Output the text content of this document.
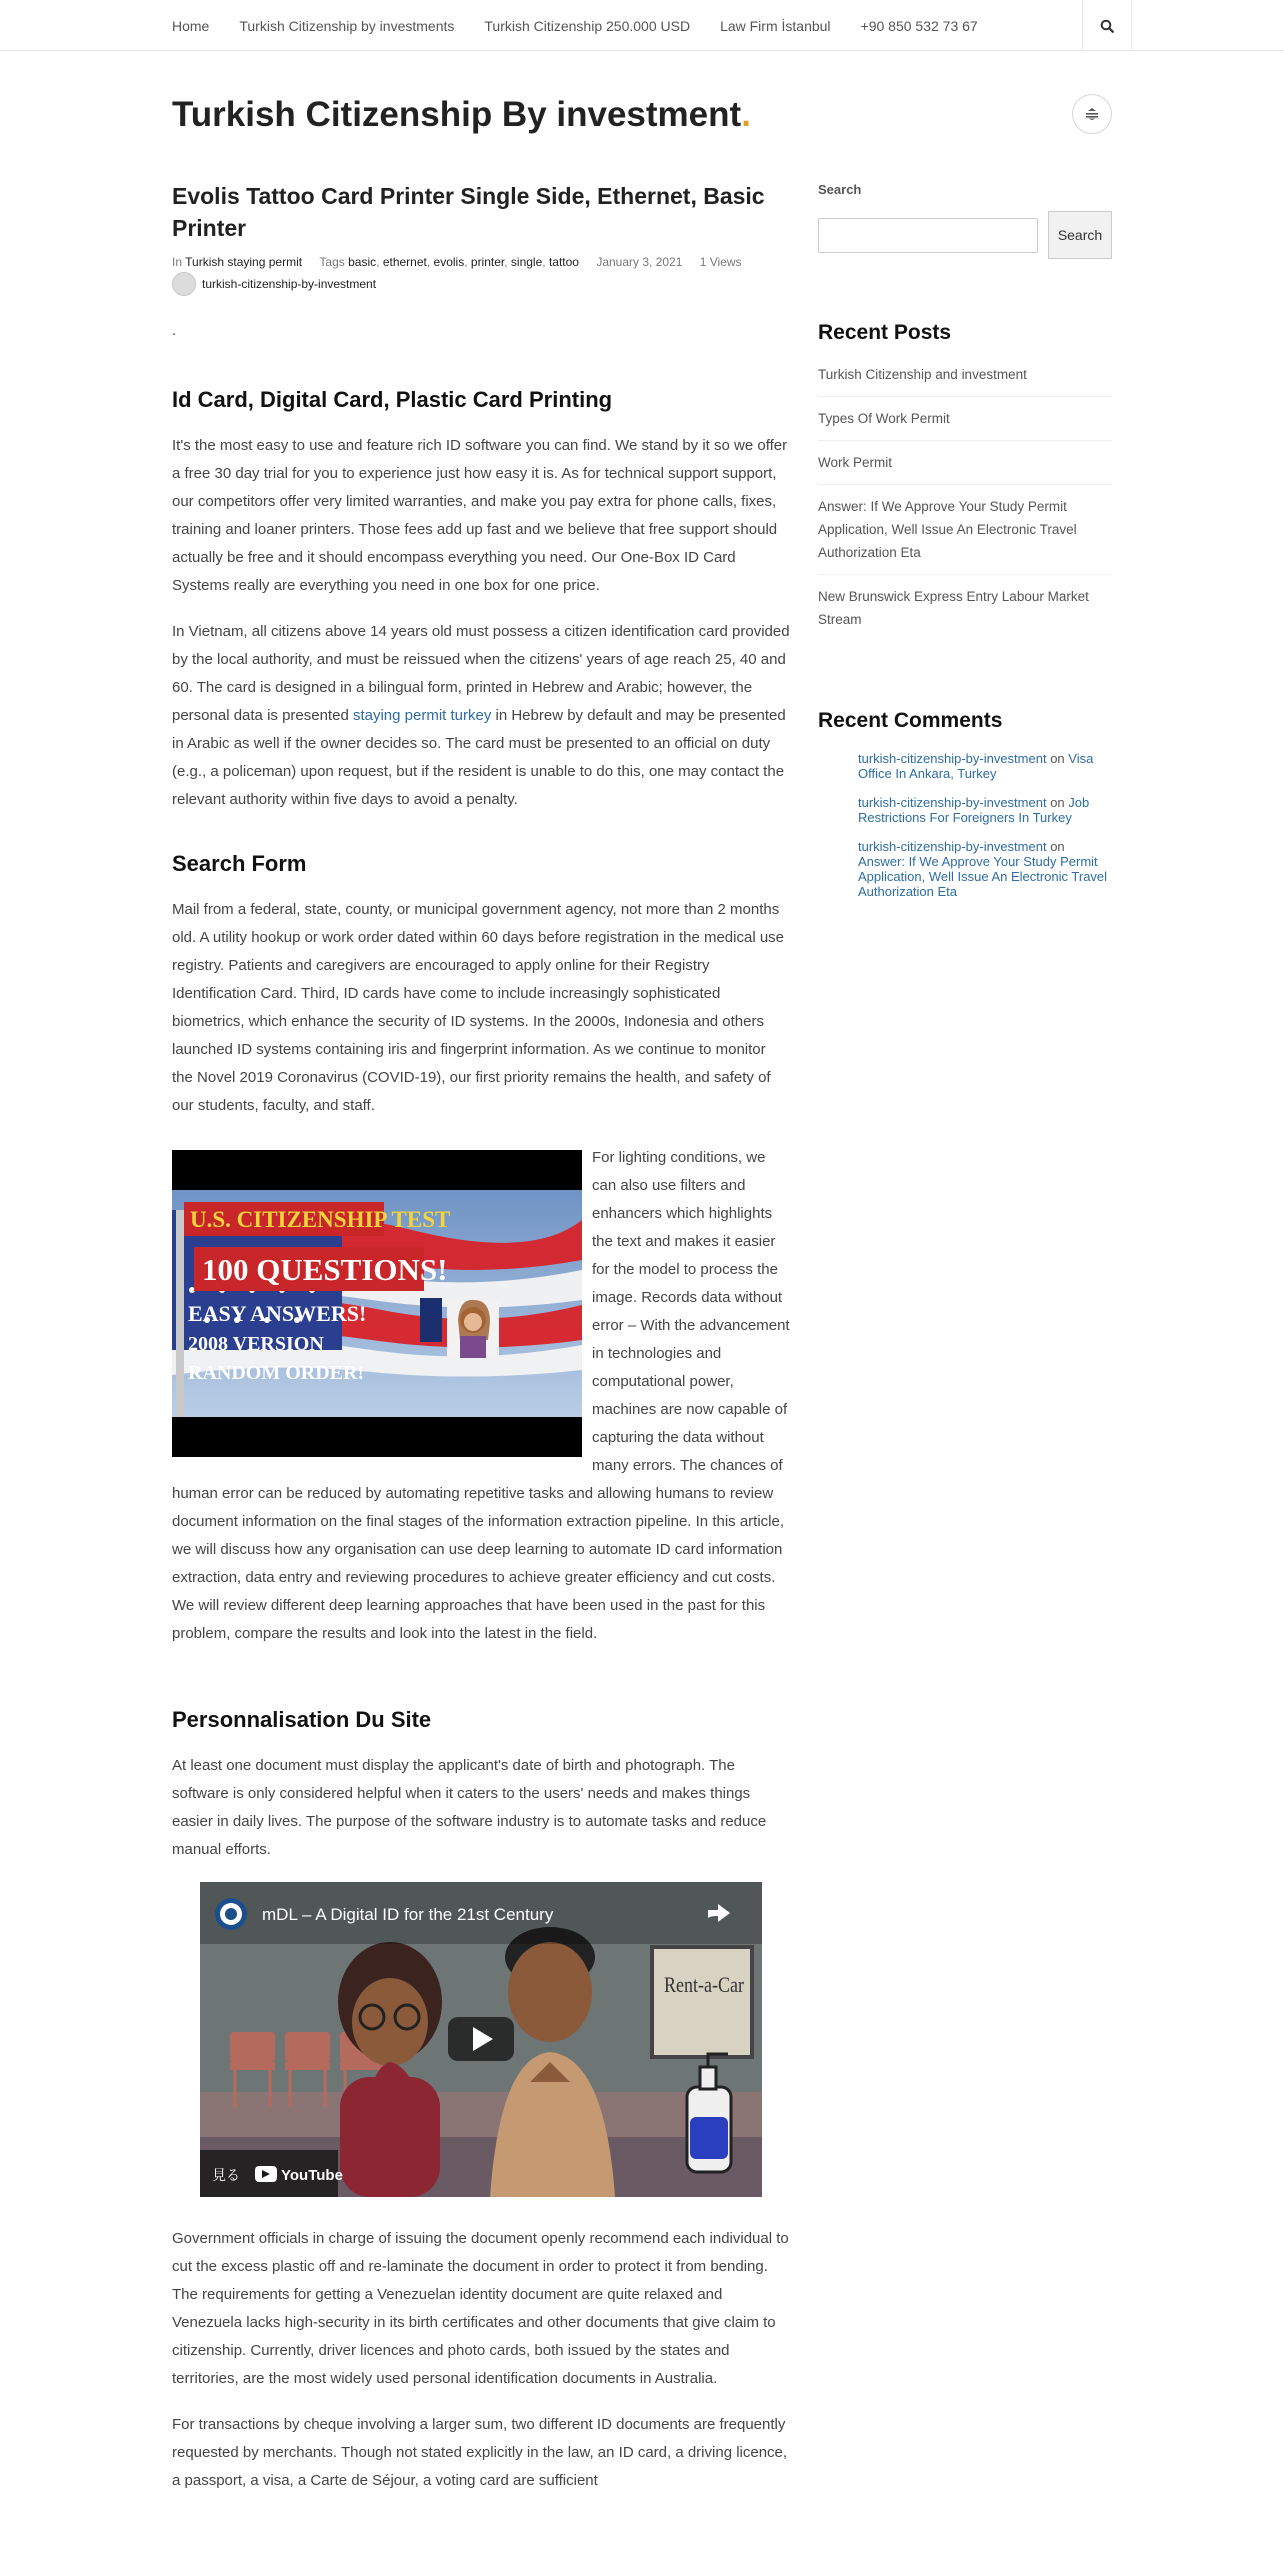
Home Turkish Citizenship by investments Turkish Citizenship 250.000 USD Law Firm İstanbul +90 850 532 73 67
Turkish Citizenship By investment.
Evolis Tattoo Card Printer Single Side, Ethernet, Basic Printer
In Turkish staying permit Tags basic, ethernet, evolis, printer, single, tattoo January 3, 2021 1 Views
turkish-citizenship-by-investment
.
Id Card, Digital Card, Plastic Card Printing

It's the most easy to use and feature rich ID software you can find. We stand by it so we offer a free 30 day trial for you to experience just how easy it is. As for technical support support, our competitors offer very limited warranties, and make you pay extra for phone calls, fixes, training and loaner printers. Those fees add up fast and we believe that free support should actually be free and it should encompass everything you need. Our One-Box ID Card Systems really are everything you need in one box for one price.

In Vietnam, all citizens above 14 years old must possess a citizen identification card provided by the local authority, and must be reissued when the citizens' years of age reach 25, 40 and 60. The card is designed in a bilingual form, printed in Hebrew and Arabic; however, the personal data is presented staying permit turkey in Hebrew by default and may be presented in Arabic as well if the owner decides so. The card must be presented to an official on duty (e.g., a policeman) upon request, but if the resident is unable to do this, one may contact the relevant authority within five days to avoid a penalty.

Search Form

Mail from a federal, state, county, or municipal government agency, not more than 2 months old. A utility hookup or work order dated within 60 days before registration in the medical use registry. Patients and caregivers are encouraged to apply online for their Registry Identification Card. Third, ID cards have come to include increasingly sophisticated biometrics, which enhance the security of ID systems. In the 2000s, Indonesia and others launched ID systems containing iris and fingerprint information. As we continue to monitor the Novel 2019 Coronavirus (COVID-19), our first priority remains the health, and safety of our students, faculty, and staff.

U.S. CITIZENSHIP TEST
100 QUESTIONS!
EASY ANSWERS!
2008 VERSION
RANDOM ORDER!

For lighting conditions, we can also use filters and enhancers which highlights the text and makes it easier for the model to process the image. Records data without error – With the advancement in technologies and computational power, machines are now capable of capturing the data without many errors. The chances of human error can be reduced by automating repetitive tasks and allowing humans to review document information on the final stages of the information extraction pipeline. In this article, we will discuss how any organisation can use deep learning to automate ID card information extraction, data entry and reviewing procedures to achieve greater efficiency and cut costs. We will review different deep learning approaches that have been used in the past for this problem, compare the results and look into the latest in the field.

Personnalisation Du Site

At least one document must display the applicant's date of birth and photograph. The software is only considered helpful when it caters to the users' needs and makes things easier in daily lives. The purpose of the software industry is to automate tasks and reduce manual efforts.

Rent-a-Car
mDL – A Digital ID for the 21st Century
見る	YouTube

Government officials in charge of issuing the document openly recommend each individual to cut the excess plastic off and re-laminate the document in order to protect it from bending. The requirements for getting a Venezuelan identity document are quite relaxed and Venezuela lacks high-security in its birth certificates and other documents that give claim to citizenship. Currently, driver licences and photo cards, both issued by the states and territories, are the most widely used personal identification documents in Australia.

For transactions by cheque involving a larger sum, two different ID documents are frequently requested by merchants. Though not stated explicitly in the law, an ID card, a driving licence, a passport, a visa, a Carte de Séjour, a voting card are sufficient

Search
Search
Recent Posts
Turkish Citizenship and investment
Types Of Work Permit
Work Permit
Answer: If We Approve Your Study Permit Application, Well Issue An Electronic Travel Authorization Eta
New Brunswick Express Entry Labour Market Stream
Recent Comments
turkish-citizenship-by-investment on Visa Office In Ankara, Turkey
turkish-citizenship-by-investment on Job Restrictions For Foreigners In Turkey
turkish-citizenship-by-investment on Answer: If We Approve Your Study Permit Application, Well Issue An Electronic Travel Authorization Eta
